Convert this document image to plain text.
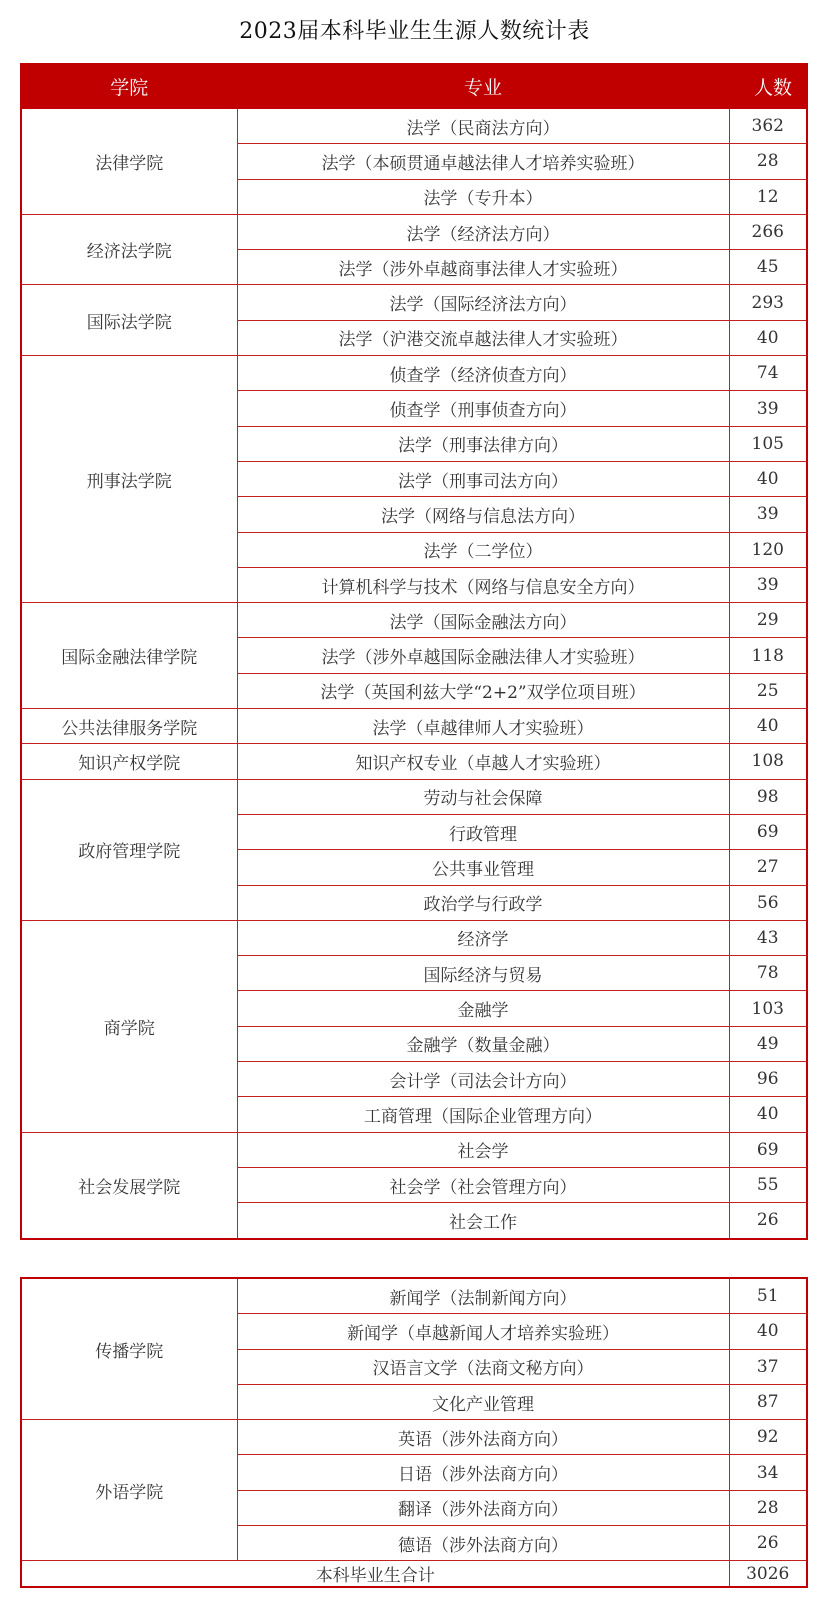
2023届本科毕业生生源人数统计表
学院	专业	人数
法律学院	法学（民商法方向）	362
	法学（本硕贯通卓越法律人才培养实验班）	28
	法学（专升本）	12
经济法学院	法学（经济法方向）	266
	法学（涉外卓越商事法律人才实验班）	45
国际法学院	法学（国际经济法方向）	293
	法学（沪港交流卓越法律人才实验班）	40
刑事法学院	侦查学（经济侦查方向）	74
	侦查学（刑事侦查方向）	39
	法学（刑事法律方向）	105
	法学（刑事司法方向）	40
	法学（网络与信息法方向）	39
	法学（二学位）	120
	计算机科学与技术（网络与信息安全方向）	39
国际金融法律学院	法学（国际金融法方向）	29
	法学（涉外卓越国际金融法律人才实验班）	118
	法学（英国利兹大学“2+2”双学位项目班）	25
公共法律服务学院	法学（卓越律师人才实验班）	40
知识产权学院	知识产权专业（卓越人才实验班）	108
政府管理学院	劳动与社会保障	98
	行政管理	69
	公共事业管理	27
	政治学与行政学	56
商学院	经济学	43
	国际经济与贸易	78
	金融学	103
	金融学（数量金融）	49
	会计学（司法会计方向）	96
	工商管理（国际企业管理方向）	40
社会发展学院	社会学	69
	社会学（社会管理方向）	55
	社会工作	26
传播学院	新闻学（法制新闻方向）	51
	新闻学（卓越新闻人才培养实验班）	40
	汉语言文学（法商文秘方向）	37
	文化产业管理	87
外语学院	英语（涉外法商方向）	92
	日语（涉外法商方向）	34
	翻译（涉外法商方向）	28
	德语（涉外法商方向）	26
本科毕业生合计		3026
